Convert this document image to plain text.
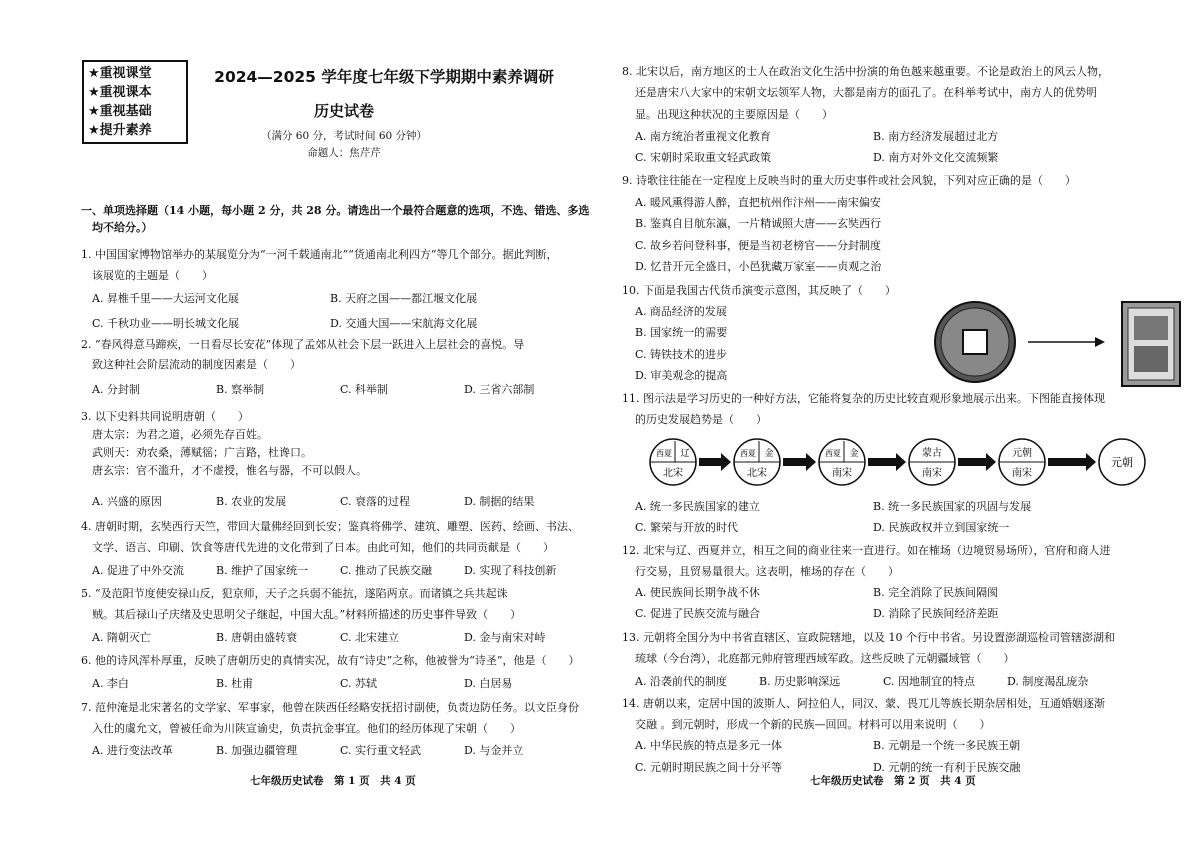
★重视课堂
★重视课本
★重视基础
★提升素养
2024—2025 学年度七年级下学期期中素养调研
历史试卷
（满分 60 分，考试时间 60 分钟）
命题人：焦芹芹
一、单项选择题（14 小题，每小题 2 分，共 28 分。请选出一个最符合题意的选项，不选、错选、多选
均不给分。）
1. 中国国家博物馆举办的某展览分为“一河千载通南北”“货通南北利四方”等几个部分。据此判断，
该展览的主题是（　　）
A. 昇椎千里——大运河文化展	B. 天府之国——都江堰文化展
C. 千秋功业——明长城文化展	D. 交通大国——宋航海文化展
2. “春风得意马蹄疾，一日看尽长安花”体现了孟郊从社会下层一跃进入上层社会的喜悦。导
致这种社会阶层流动的制度因素是（　　）
A. 分封制	B. 察举制	C. 科举制	D. 三省六部制
3. 以下史料共同说明唐朝（　　）
唐太宗：为君之道，必须先存百姓。
武则天：劝农桑，薄赋徭；广言路，杜谗口。
唐玄宗：官不滥升，才不虚授，惟名与器，不可以假人。
A. 兴盛的原因	B. 农业的发展	C. 衰落的过程	D. 制据的结果
4. 唐朝时期，玄奘西行天竺，带回大量佛经回到长安；鉴真将佛学、建筑、雕塑、医药、绘画、书法、
文学、语言、印刷、饮食等唐代先进的文化带到了日本。由此可知，他们的共同贡献是（　　）
A. 促进了中外交流	B. 维护了国家统一	C. 推动了民族交融	D. 实现了科技创新
5. “及范阳节度使安禄山反，犯京师，天子之兵弱不能抗，遂陷两京。而诸镇之兵共起诛
贼。其后禄山子庆绪及史思明父子继起，中国大乱。”材料所描述的历史事件导致（　　）
A. 隋朝灭亡	B. 唐朝由盛转衰	C. 北宋建立	D. 金与南宋对峙
6. 他的诗风浑朴厚重，反映了唐朝历史的真情实况，故有“诗史”之称，他被誉为“诗圣”，他是（　　）
A. 李白	B. 杜甫	C. 苏轼	D. 白居易
7. 范仲淹是北宋著名的文学家、军事家，他曾在陕西任经略安抚招讨副使，负责边防任务。以文臣身份
入仕的虞允文，曾被任命为川陕宣谕史，负责抗金事宜。他们的经历体现了宋朝（　　）
A. 进行变法改革	B. 加强边疆管理	C. 实行重文轻武	D. 与金并立
七年级历史试卷　第 1 页　共 4 页
8. 北宋以后，南方地区的士人在政治文化生活中扮演的角色越来越重要。不论是政治上的风云人物，
还是唐宋八大家中的宋朝文坛领军人物，大都是南方的面孔了。在科举考试中，南方人的优势明
显。出现这种状况的主要原因是（　　）
A. 南方统治者重视文化教育	B. 南方经济发展超过北方
C. 宋朝时采取重文轻武政策	D. 南方对外文化交流频繁
9. 诗歌往往能在一定程度上反映当时的重大历史事件或社会风貌，下列对应正确的是（　　）
A. 暖风熏得游人醉，直把杭州作汴州——南宋偏安
B. 鉴真自目航东瀛，一片精诚照大唐——玄奘西行
C. 故乡若问登科事，便是当初老榜官——分封制度
D. 忆昔开元全盛日，小邑犹藏万家室——贞观之治
10. 下面是我国古代货币演变示意图，其反映了（　　）
A. 商品经济的发展
B. 国家统一的需要
C. 铸铁技术的进步
D. 审美观念的提高
11. 图示法是学习历史的一种好方法，它能将复杂的历史比较直观形象地展示出来。下图能直接体现
的历史发展趋势是（　　）
A. 统一多民族国家的建立	B. 统一多民族国家的巩固与发展
C. 繁荣与开放的时代	D. 民族政权并立到国家统一
12. 北宋与辽、西夏并立，相互之间的商业往来一直进行。如在榷场（边境贸易场所），官府和商人进
行交易，且贸易量很大。这表明，榷场的存在（　　）
A. 使民族间长期争战不休	B. 完全消除了民族间隔阂
C. 促进了民族交流与融合	D. 消除了民族间经济差距
13. 元朝将全国分为中书省直辖区、宣政院辖地，以及 10 个行中书省。另设置澎湖巡检司管辖澎湖和
琉球（今台湾），北庭都元帅府管理西域军政。这些反映了元朝疆域管（　　）
A. 沿袭前代的制度	B. 历史影响深远	C. 因地制宜的特点	D. 制度渴乱庞杂
14. 唐朝以来，定居中国的波斯人、阿拉伯人，同汉、蒙、畏兀儿等族长期杂居相处，互通婚姻逐渐
交融 。到元朝时，形成一个新的民族—回回。材料可以用来说明（　　）
A. 中华民族的特点是多元一体	B. 元朝是一个统一多民族王朝
C. 元朝时期民族之间十分平等	D. 元朝的统一有利于民族交融
西夏 辽
北宋
西夏 金
北宋
西夏 金
南宋
蒙古
南宋
元朝
南宋
元朝
七年级历史试卷　第 2 页　共 4 页
